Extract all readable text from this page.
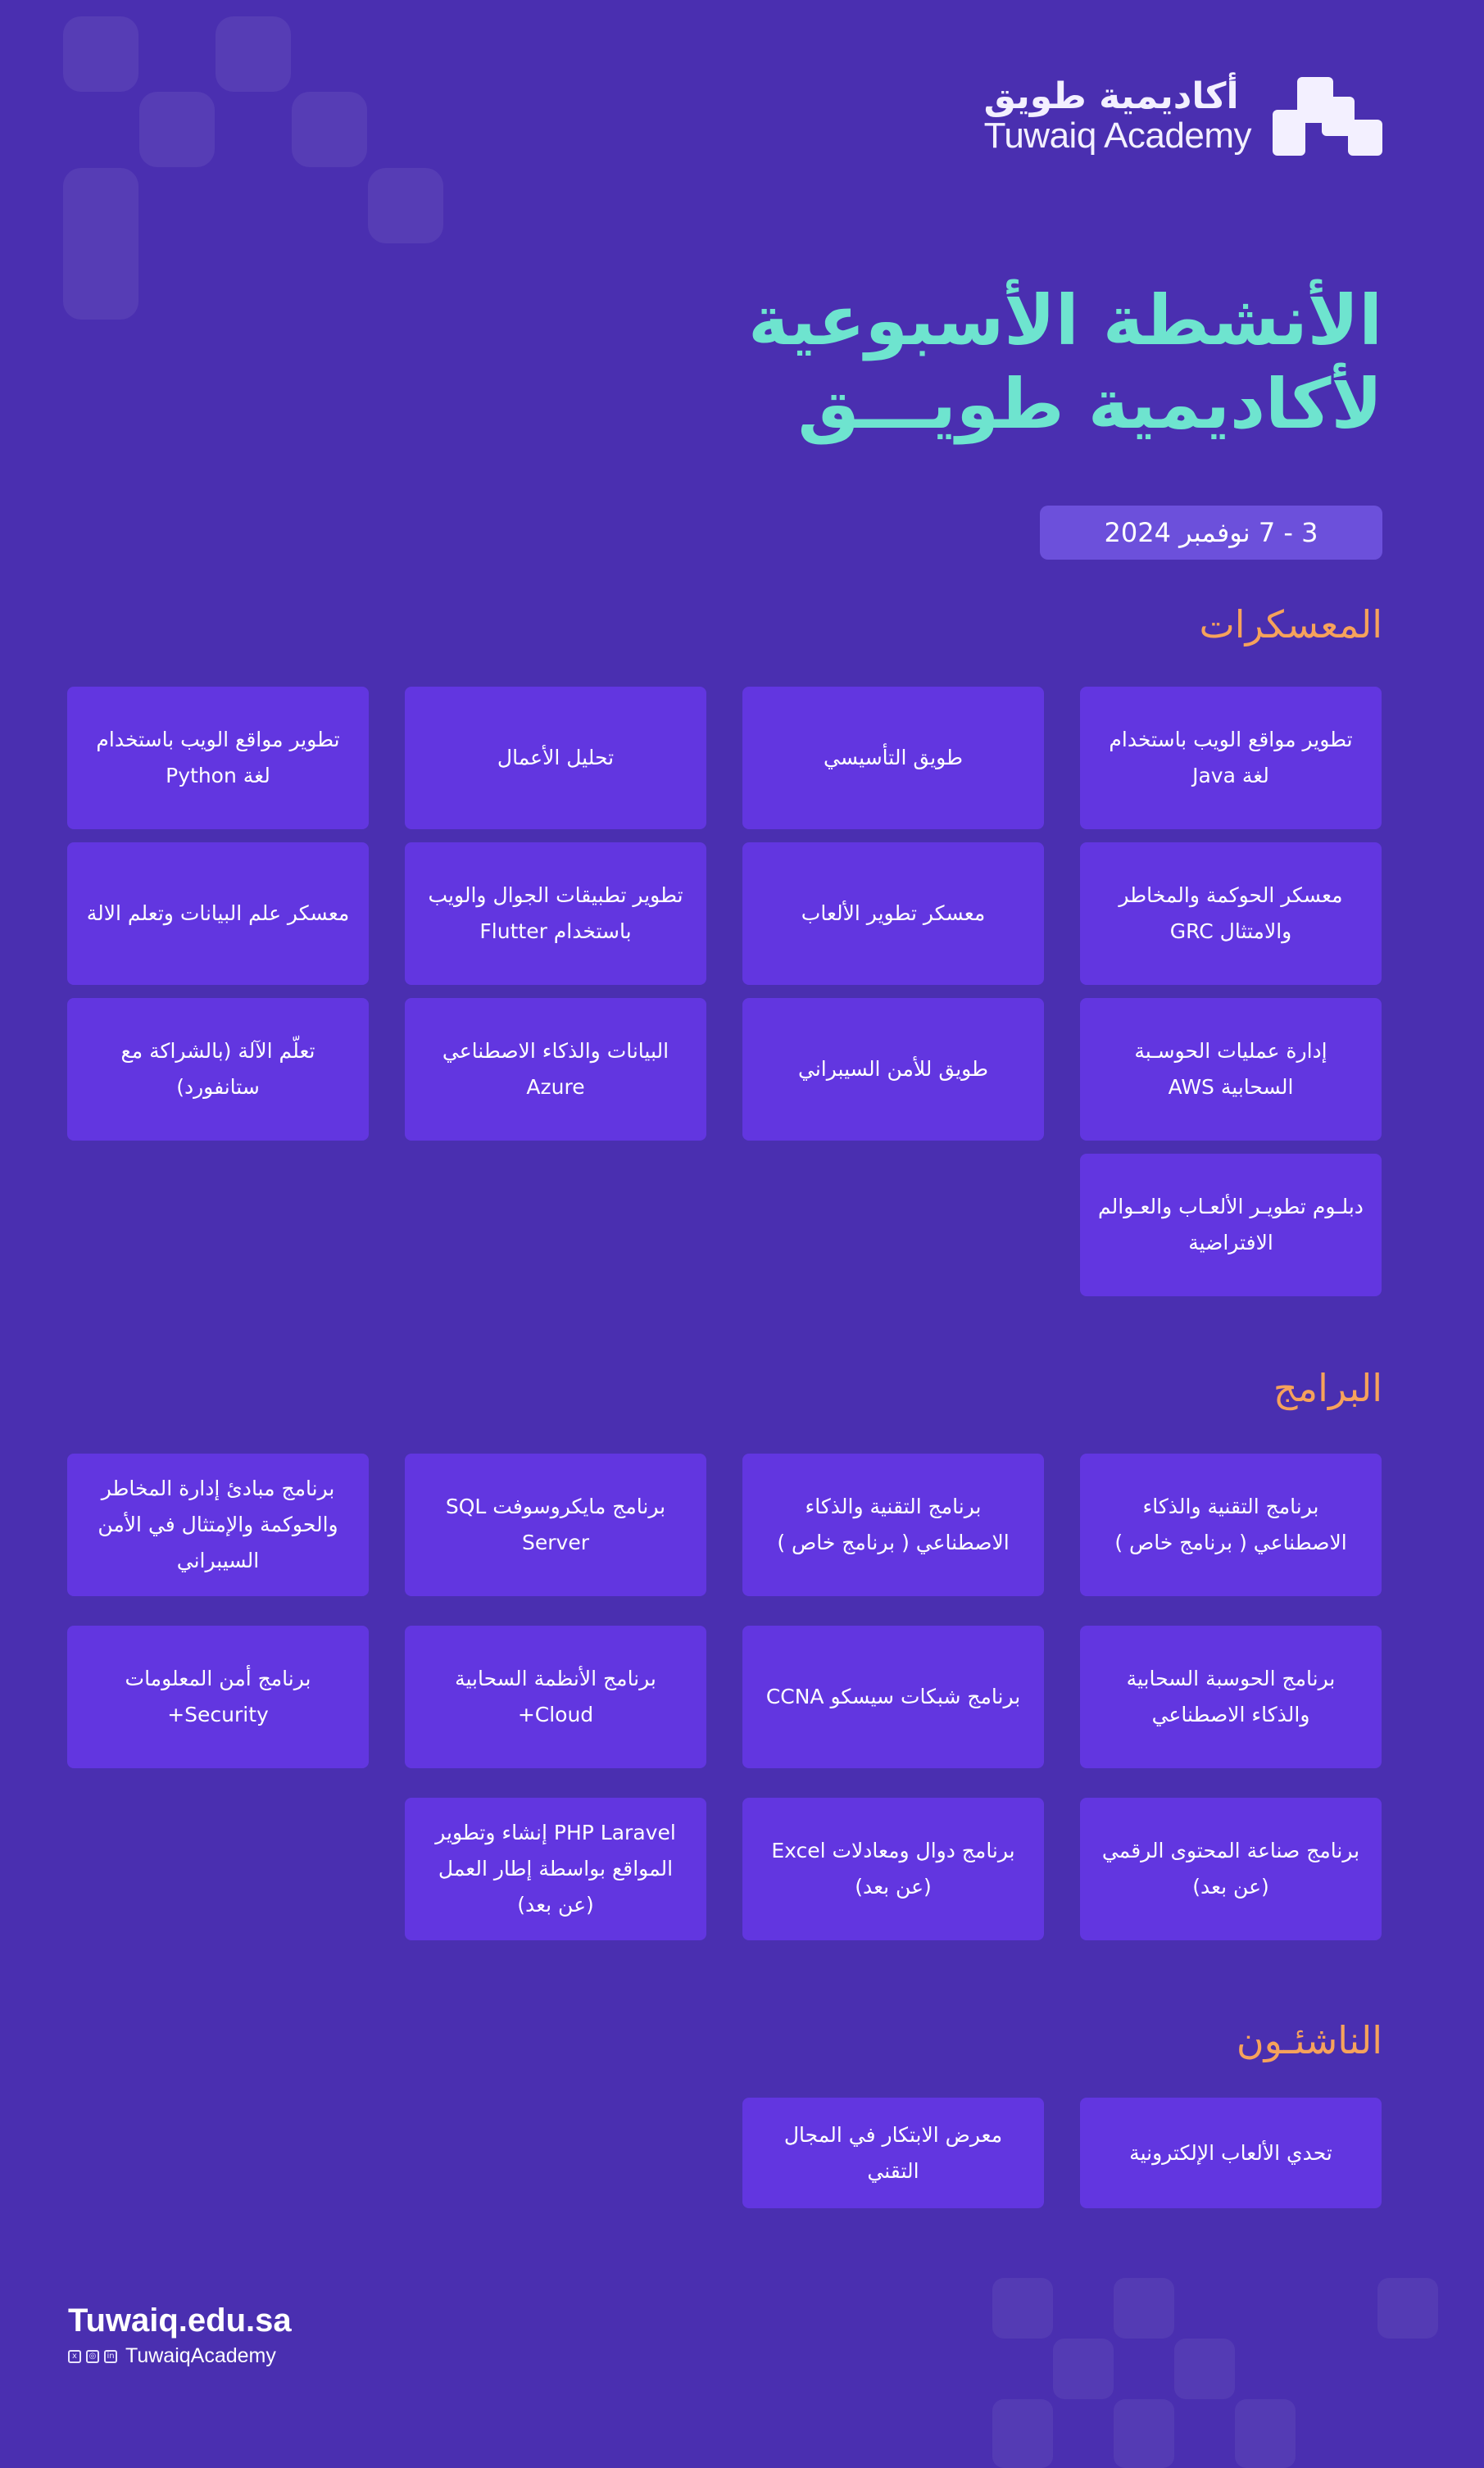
أكاديمية طويق
Tuwaiq Academy
الأنشطة الأسبوعية
لأكاديمية طويـــق
3 - 7 نوفمبر 2024
المعسكرات
تطوير مواقع الويب باستخدام لغة Java
طويق التأسيسي
تحليل الأعمال
تطوير مواقع الويب باستخدام لغة Python
معسكر الحوكمة والمخاطر والامتثال GRC
معسكر تطوير الألعاب
تطوير تطبيقات الجوال والويب باستخدام Flutter
معسكر علم البيانات وتعلم الالة
إدارة عمليات الحوسـبة السحابية AWS
طويق للأمن السيبراني
البيانات والذكاء الاصطناعي Azure
تعلّم الآلة (بالشراكة مع ستانفورد)
دبلـوم تطويـر الألعـاب والعـوالم الافتراضية
البرامج
برنامج التقنية والذكاء الاصطناعي ( برنامج خاص )
برنامج التقنية والذكاء الاصطناعي ( برنامج خاص )
برنامج مايكروسوفت SQL Server
برنامج مبادئ إدارة المخاطر والحوكمة والإمتثال في الأمن السيبراني
برنامج الحوسبة السحابية والذكاء الاصطناعي
برنامج شبكات سيسكو CCNA
برنامج الأنظمة السحابية Cloud+
برنامج أمن المعلومات Security+
برنامج صناعة المحتوى الرقمي (عن بعد)
برنامج دوال ومعادلات Excel (عن بعد)
PHP Laravel إنشاء وتطوير المواقع بواسطة إطار العمل (عن بعد)
الناشئـون
تحدي الألعاب الإلكترونية
معرض الابتكار في المجال التقني
Tuwaiq.edu.sa
x	◎	in TuwaiqAcademy
